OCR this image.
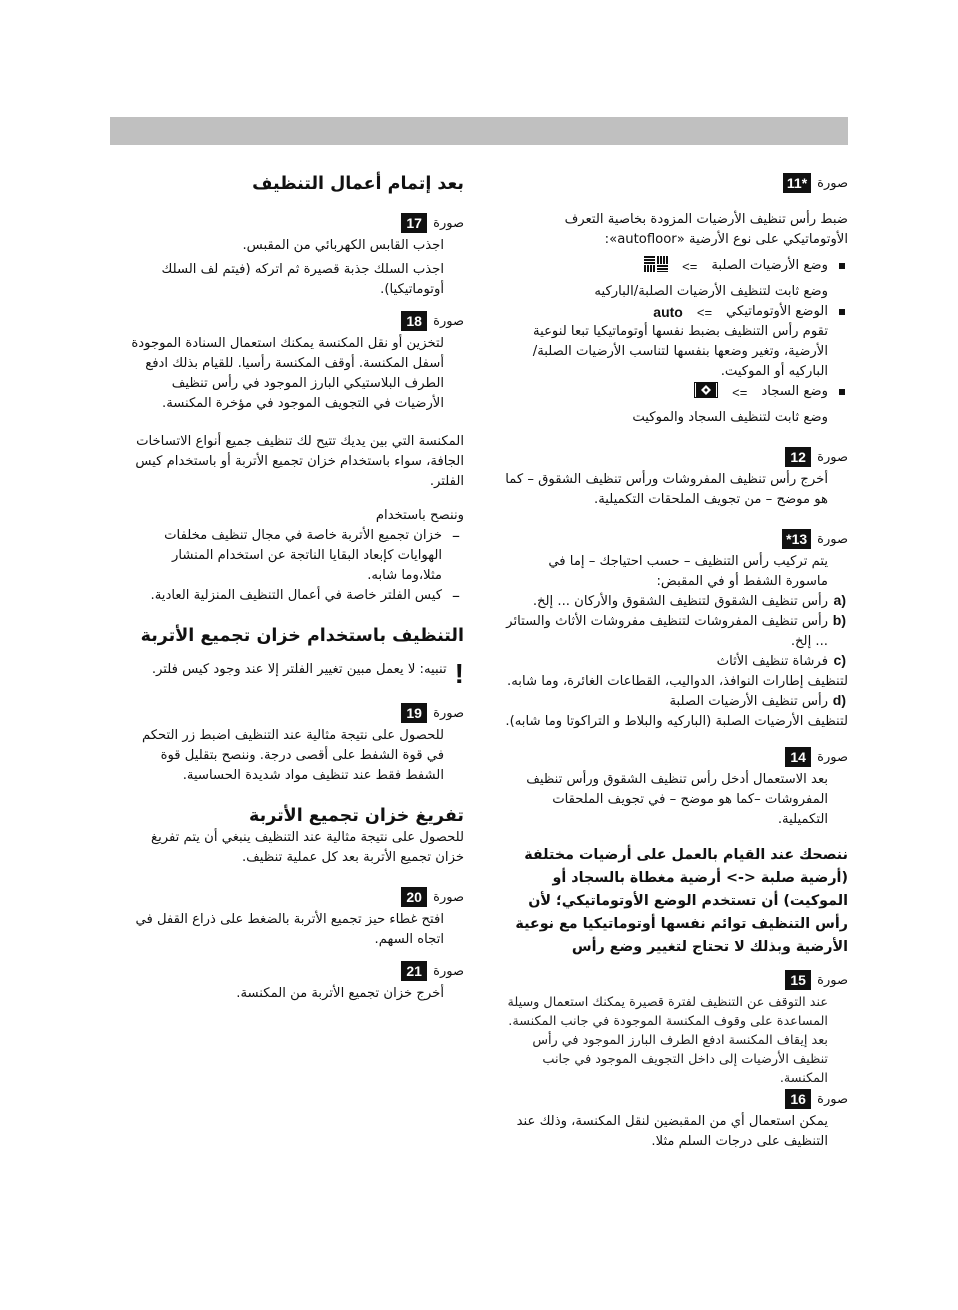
صورة
11*

ضبط رأس تنظيف الأرضيات المزودة بخاصية التعرف الأوتوماتيكي على نوع الأرضية «autofloor»:

وضع الأرضيات الصلبة

<=

وضع ثابت لتنظيف الأرضيات الصلبة/الباركيه

الوضع الأوتوماتيكي

<=
auto

تقوم رأس التنظيف بضبط نفسها أوتوماتيكيا تبعا لنوعية الأرضية، وتغير وضعها بنفسها لتناسب الأرضيات الصلبة/الباركيه أو الموكيت.

وضع السجاد

<=

وضع ثابت لتنظيف السجاد والموكيت

صورة
12

أخرج رأس تنظيف المفروشات ورأس تنظيف الشقوق – كما هو موضح – من تجويف الملحقات التكميلية.

صورة
*13

يتم تركيب رأس التنظيف – حسب احتياجك – إما في ماسورة الشفط أو في المقبض:

a)

رأس تنظيف الشقوق لتنظيف الشقوق والأركان ... إلخ.

b)

رأس تنظيف المفروشات لتنظيف مفروشات الأثاث والستائر ... إلخ.

c)

فرشاة تنظيف الأثاث

لتنظيف إطارات النوافذ، الدواليب، القطاعات الغائرة، وما شابه.

d)

رأس تنظيف الأرضيات الصلبة

لتنظيف الأرضيات الصلبة (الباركيه والبلاط و التراكوتا وما شابه).

صورة
14

بعد الاستعمال أدخل رأس تنظيف الشقوق ورأس تنظيف المفروشات –كما هو موضح – في تجويف الملحقات التكميلية.

ننصحك عند القيام بالعمل على أرضيات مختلفة (أرضية صلبة <-> أرضية مغطاة بالسجاد أو الموكيت) أن تستخدم الوضع الأوتوماتيكي؛ لأن رأس التنظيف توائم نفسها أوتوماتيكيا مع نوعية الأرضية وبذلك لا تحتاج لتغيير وضع رأس

صورة
15

عند التوقف عن التنظيف لفترة قصيرة يمكنك استعمال وسيلة المساعدة على وقوف المكنسة الموجودة في جانب المكنسة.

بعد إيقاف المكنسة ادفع الطرف البارز الموجود في رأس تنظيف الأرضيات إلى داخل التجويف الموجود في جانب المكنسة.

صورة
16

يمكن استعمال أي من المقبضين لنقل المكنسة، وذلك عند التنظيف على درجات السلم مثلا.

بعد إتمام أعمال التنظيف
صورة
17

اجذب القابس الكهربائي من المقبس.

اجذب السلك جذبة قصيرة ثم اتركه (فيتم لف السلك أوتوماتيكيا).

صورة
18

لتخزين أو نقل المكنسة يمكنك استعمال السنادة الموجودة أسفل المكنسة. أوقف المكنسة رأسيا. للقيام بذلك ادفع الطرف البلاستيكي البارز الموجود في رأس تنظيف الأرضيات في التجويف الموجود في مؤخرة المكنسة.

المكنسة التي بين يديك تتيح لك تنظيف جميع أنواع الاتساخات الجافة، سواء باستخدام خزان تجميع الأتربة أو باستخدام كيس الفلتر.

وننصح باستخدام

–

خزان تجميع الأتربة خاصة في مجال تنظيف مخلفات الهوايات كإبعاد البقايا الناتجة عن استخدام المنشار مثلا،وما شابه.

–

كيس الفلتر خاصة في أعمال التنظيف المنزلية العادية.

التنظيف باستخدام خزان تجميع الأتربة
!

تنبيه: لا يعمل مبين تغيير الفلتر إلا عند وجود كيس فلتر.

صورة
19

للحصول على نتيجة مثالية عند التنظيف اضبط زر التحكم في قوة الشفط على أقصى درجة. وننصح بتقليل قوة الشفط فقط عند تنظيف مواد شديدة الحساسية.

تفريغ خزان تجميع الأتربة

للحصول على نتيجة مثالية عند التنظيف ينبغي أن يتم تفريغ خزان تجميع الأتربة بعد كل عملية تنظيف.

صورة
20

افتح غطاء حيز تجميع الأتربة بالضغط على ذراع القفل في اتجاه السهم.

صورة
21

أخرج خزان تجميع الأتربة من المكنسة.
